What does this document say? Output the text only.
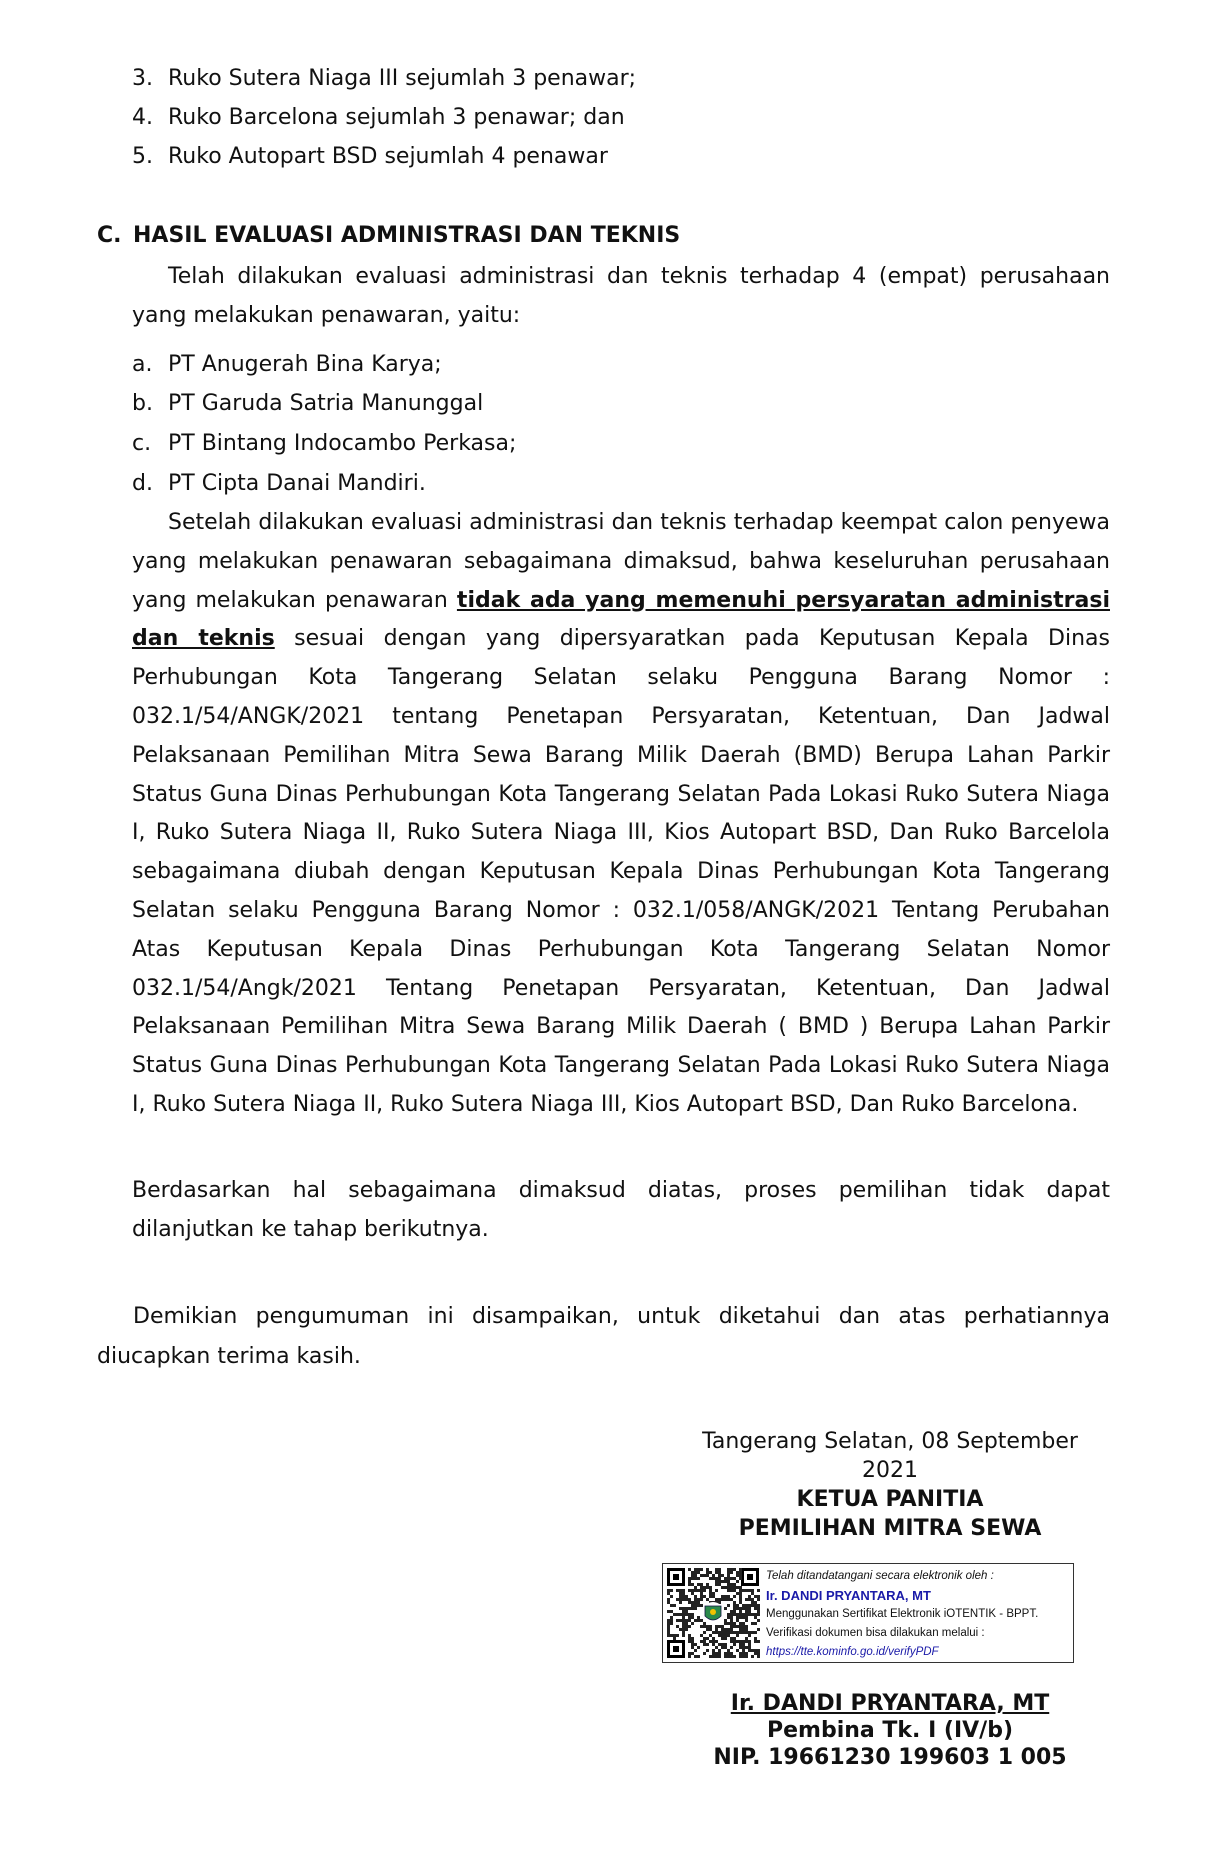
3. Ruko Sutera Niaga III sejumlah 3 penawar;
4. Ruko Barcelona sejumlah 3 penawar; dan
5. Ruko Autopart BSD sejumlah 4 penawar
C. HASIL EVALUASI ADMINISTRASI DAN TEKNIS
Telah dilakukan evaluasi administrasi dan teknis terhadap 4 (empat) perusahaan yang melakukan penawaran, yaitu:
a. PT Anugerah Bina Karya;
b. PT Garuda Satria Manunggal
c. PT Bintang Indocambo Perkasa;
d. PT Cipta Danai Mandiri.
Setelah dilakukan evaluasi administrasi dan teknis terhadap keempat calon penyewa yang melakukan penawaran sebagaimana dimaksud, bahwa keseluruhan perusahaan yang melakukan penawaran tidak ada yang memenuhi persyaratan administrasi dan teknis sesuai dengan yang dipersyaratkan pada Keputusan Kepala Dinas Perhubungan Kota Tangerang Selatan selaku Pengguna Barang Nomor : 032.1/54/ANGK/2021 tentang Penetapan Persyaratan, Ketentuan, Dan Jadwal Pelaksanaan Pemilihan Mitra Sewa Barang Milik Daerah (BMD) Berupa Lahan Parkir Status Guna Dinas Perhubungan Kota Tangerang Selatan Pada Lokasi Ruko Sutera Niaga I, Ruko Sutera Niaga II, Ruko Sutera Niaga III, Kios Autopart BSD, Dan Ruko Barcelola sebagaimana diubah dengan Keputusan Kepala Dinas Perhubungan Kota Tangerang Selatan selaku Pengguna Barang Nomor : 032.1/058/ANGK/2021 Tentang Perubahan Atas Keputusan Kepala Dinas Perhubungan Kota Tangerang Selatan Nomor 032.1/54/Angk/2021 Tentang Penetapan Persyaratan, Ketentuan, Dan Jadwal Pelaksanaan Pemilihan Mitra Sewa Barang Milik Daerah ( BMD ) Berupa Lahan Parkir Status Guna Dinas Perhubungan Kota Tangerang Selatan Pada Lokasi Ruko Sutera Niaga I, Ruko Sutera Niaga II, Ruko Sutera Niaga III, Kios Autopart BSD, Dan Ruko Barcelona.
Berdasarkan hal sebagaimana dimaksud diatas, proses pemilihan tidak dapat dilanjutkan ke tahap berikutnya.
Demikian pengumuman ini disampaikan, untuk diketahui dan atas perhatiannya diucapkan terima kasih.
Tangerang Selatan, 08 September 2021
KETUA PANITIA
PEMILIHAN MITRA SEWA
Telah ditandatangani secara elektronik oleh :
Ir. DANDI PRYANTARA, MT
Menggunakan Sertifikat Elektronik iOTENTIK - BPPT.
Verifikasi dokumen bisa dilakukan melalui :
https://tte.kominfo.go.id/verifyPDF
Ir. DANDI PRYANTARA, MT
Pembina Tk. I (IV/b)
NIP. 19661230 199603 1 005
